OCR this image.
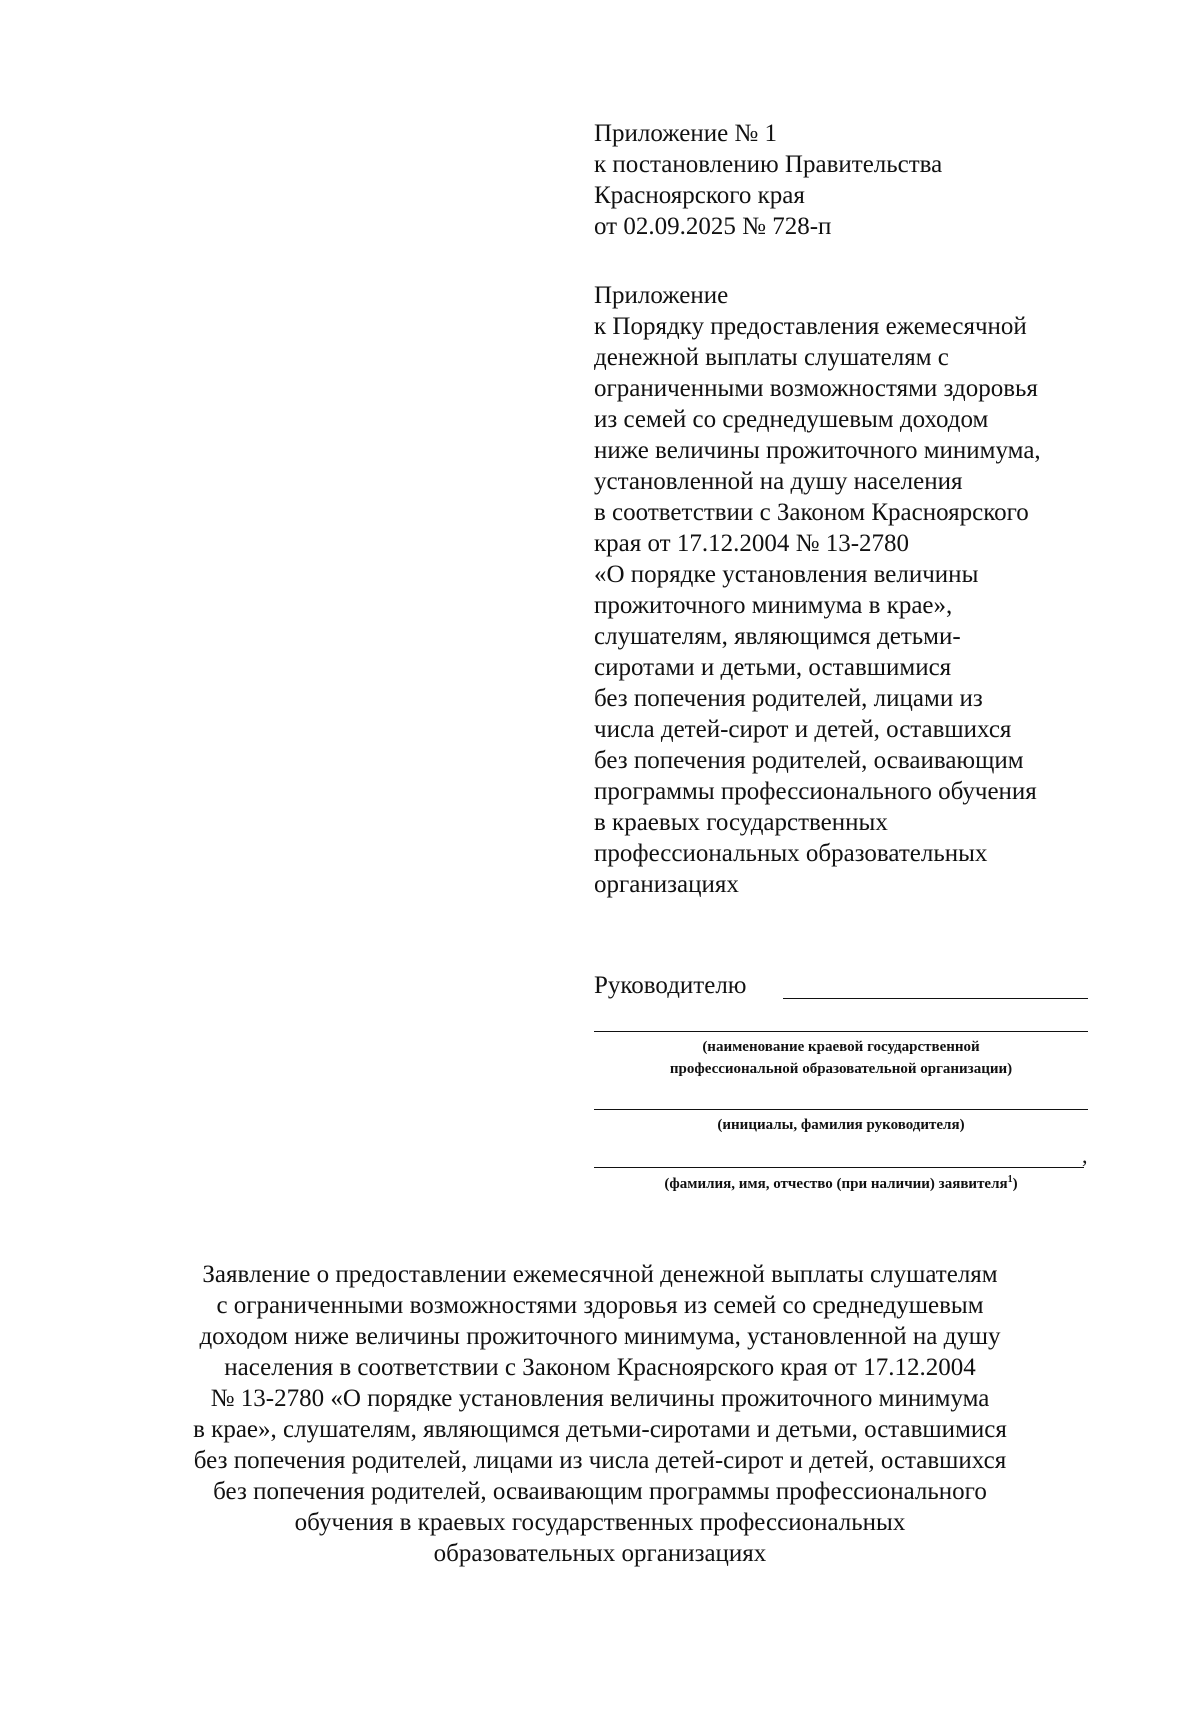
Приложение № 1
к постановлению Правительства
Красноярского края
от 02.09.2025 № 728-п
Приложение
к Порядку предоставления ежемесячной
денежной выплаты слушателям с
ограниченными возможностями здоровья
из семей со среднедушевым доходом
ниже величины прожиточного минимума,
установленной на душу населения
в соответствии с Законом Красноярского
края от 17.12.2004 № 13-2780
«О порядке установления величины
прожиточного минимума в крае»,
слушателям, являющимся детьми-
сиротами и детьми, оставшимися
без попечения родителей, лицами из
числа детей-сирот и детей, оставшихся
без попечения родителей, осваивающим
программы профессионального обучения
в краевых государственных
профессиональных образовательных
организациях
Руководителю
(наименование краевой государственной
профессиональной образовательной организации)
(инициалы, фамилия руководителя)
,
(фамилия, имя, отчество (при наличии) заявителя$^1$)
Заявление о предоставлении ежемесячной денежной выплаты слушателям
с ограниченными возможностями здоровья из семей со среднедушевым
доходом ниже величины прожиточного минимума, установленной на душу
населения в соответствии с Законом Красноярского края от 17.12.2004
№ 13-2780 «О порядке установления величины прожиточного минимума
в крае», слушателям, являющимся детьми-сиротами и детьми, оставшимися
без попечения родителей, лицами из числа детей-сирот и детей, оставшихся
без попечения родителей, осваивающим программы профессионального
обучения в краевых государственных профессиональных
образовательных организациях
